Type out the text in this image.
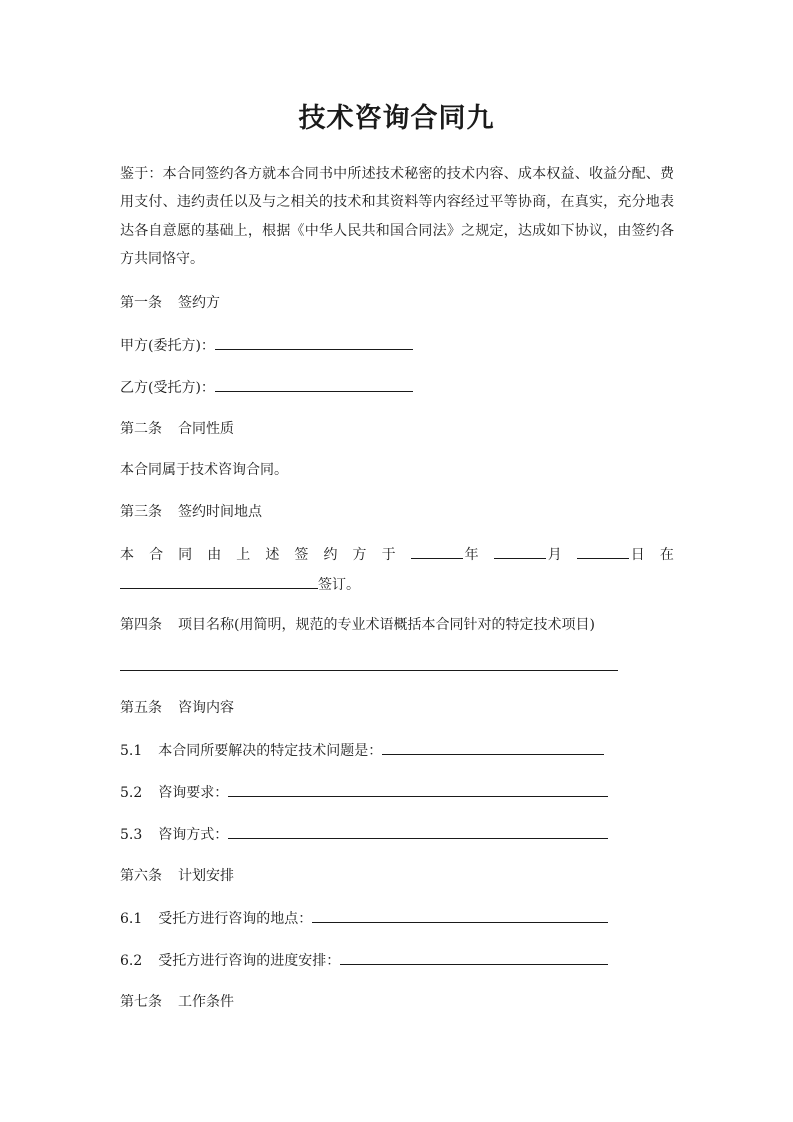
技术咨询合同九
鉴于：本合同签约各方就本合同书中所述技术秘密的技术内容、成本权益、收益分配、费用支付、违约责任以及与之相关的技术和其资料等内容经过平等协商，在真实，充分地表达各自意愿的基础上，根据《中华人民共和国合同法》之规定，达成如下协议，由签约各方共同恪守。
第一条 签约方
甲方(委托方)：
乙方(受托方)：
第二条 合同性质
本合同属于技术咨询合同。
第三条 签约时间地点
本 合 同 由 上 述 签 约 方 于	年	月	日 在
签订。
第四条 项目名称(用简明，规范的专业术语概括本合同针对的特定技术项目)
第五条 咨询内容
5.1 本合同所要解决的特定技术问题是：
5.2 咨询要求：
5.3 咨询方式：
第六条 计划安排
6.1 受托方进行咨询的地点：
6.2 受托方进行咨询的进度安排：
第七条 工作条件
